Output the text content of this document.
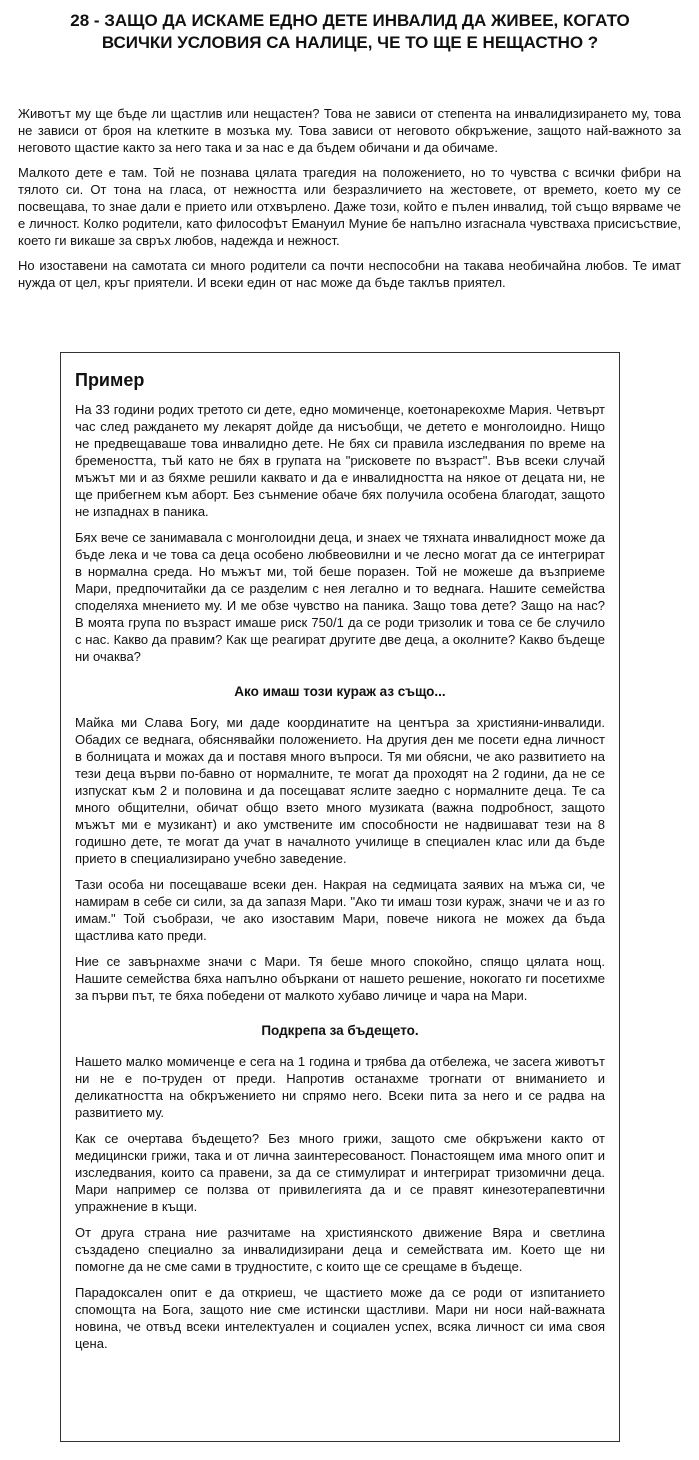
28 - ЗАЩО ДА ИСКАМЕ ЕДНО ДЕТЕ ИНВАЛИД ДА ЖИВЕЕ, КОГАТО
ВСИЧКИ УСЛОВИЯ СА НАЛИЦЕ, ЧЕ ТО ЩЕ Е НЕЩАСТНО ?

Животът му ще бъде ли щастлив или нещастен? Това не зависи от степента на инвалидизирането му, това не зависи от броя на клетките в мозъка му. Това зависи от неговото обкръжение, защото най-важното за неговото щастие както за него така и за нас е да бъдем обичани и да обичаме.

Малкото дете е там. Той не познава цялата трагедия на положението, но то чувства с всички фибри на тялото си. От тона на гласа, от нежността или безразличието на жестовете, от времето, което му се посвещава, то знае дали е прието или отхвърлено. Даже този, който е пълен инвалид, той също вярваме че е личност. Колко родители, като философът Емануил Муние бе напълно изгаснала чувстваха присисъствие, което ги викаше за свръх любов, надежда и нежност.

Но изоставени на самотата си много родители са почти неспособни на такава необичайна любов. Те имат нужда от цел, кръг приятели. И всеки един от нас може да бъде таклъв приятел.

Пример

На 33 години родих третото си дете, едно момиченце, коетонарекохме Мария. Четвърт час след раждането му лекарят дойде да нисъобщи, че детето е монголоидно. Нищо не предвещаваше това инвалидно дете. Не бях си правила изследвания по време на бремеността, тъй като не бях в групата на "рисковете по възраст". Във всеки случай мъжът ми и аз бяхме решили каквато и да е инвалидността на някое от децата ни, не ще прибегнем към аборт. Без сънмение обаче бях получила особена благодат, защото не изпаднах в паника.

Бях вече се занимавала с монголоидни деца, и знаех че тяхната инвалидност може да бъде лека и че това са деца особено любвеовилни и че лесно могат да се интегрират в нормална среда. Но мъжът ми, той беше поразен. Той не можеше да възприеме Мари, предпочитайки да се разделим с нея легално и то веднага. Нашите семейства споделяха мнението му. И ме обзе чувство на паника. Защо това дете? Защо на нас? В моята група по възраст имаше риск 750/1 да се роди тризолик и това се бе случило с нас. Какво да правим? Как ще реагират другите две деца, а околните? Какво бъдеще ни очаква?

Ако имаш този кураж аз също...

Майка ми Слава Богу, ми даде координатите на центъра за християни-инвалиди. Обадих се веднага, обяснявайки положението. На другия ден ме посети една личност в болницата и можах да и поставя много въпроси. Тя ми обясни, че ако развитието на тези деца върви по-бавно от нормалните, те могат да проходят на 2 години, да не се изпускат към 2 и половина и да посещават яслите заедно с нормалните деца. Те са много общителни, обичат общо взето много музиката (важна подробност, защото мъжът ми е музикант) и ако умствените им способности не надвишават тези на 8 годишно дете, те могат да учат в началното училище в специален клас или да бъде прието в специализирано учебно заведение.

Тази особа ни посещаваше всеки ден. Накрая на седмицата заявих на мъжа си, че намирам в себе си сили, за да запазя Мари. "Ако ти имаш този кураж, значи че и аз го имам." Той съобрази, че ако изоставим Мари, повече никога не можех да бъда щастлива като преди.

Ние се завърнахме значи с Мари. Тя беше много спокойно, спящо цялата нощ. Нашите семейства бяха напълно объркани от нашето решение, нокогато ги посетихме за първи път, те бяха победени от малкото хубаво личице и чара на Мари.

Подкрепа за бъдещето.

Нашето малко момиченце е сега на 1 година и трябва да отбележа, че засега животът ни не е по-труден от преди. Напротив останахме трогнати от вниманието и деликатността на обкръжението ни спрямо него. Всеки пита за него и се радва на развитието му.

Как се очертава бъдещето? Без много грижи, защото сме обкръжени както от медицински грижи, така и от лична заинтересованост. Понастоящем има много опит и изследвания, които са правени, за да се стимулират и интегрират тризомични деца. Мари например се ползва от привилегията да и се правят кинезотерапевтични упражнение в къщи.

От друга страна ние разчитаме на християнското движение Вяра и светлина създадено специално за инвалидизирани деца и семействата им. Което ще ни помогне да не сме сами в трудностите, с които ще се срещаме в бъдеще.

Парадоксален опит е да откриеш, че щастието може да се роди от изпитанието спомощта на Бога, защото ние сме истински щастливи. Мари ни носи най-важната новина, че отвъд всеки интелектуален и социален успех, всяка личност си има своя цена.
